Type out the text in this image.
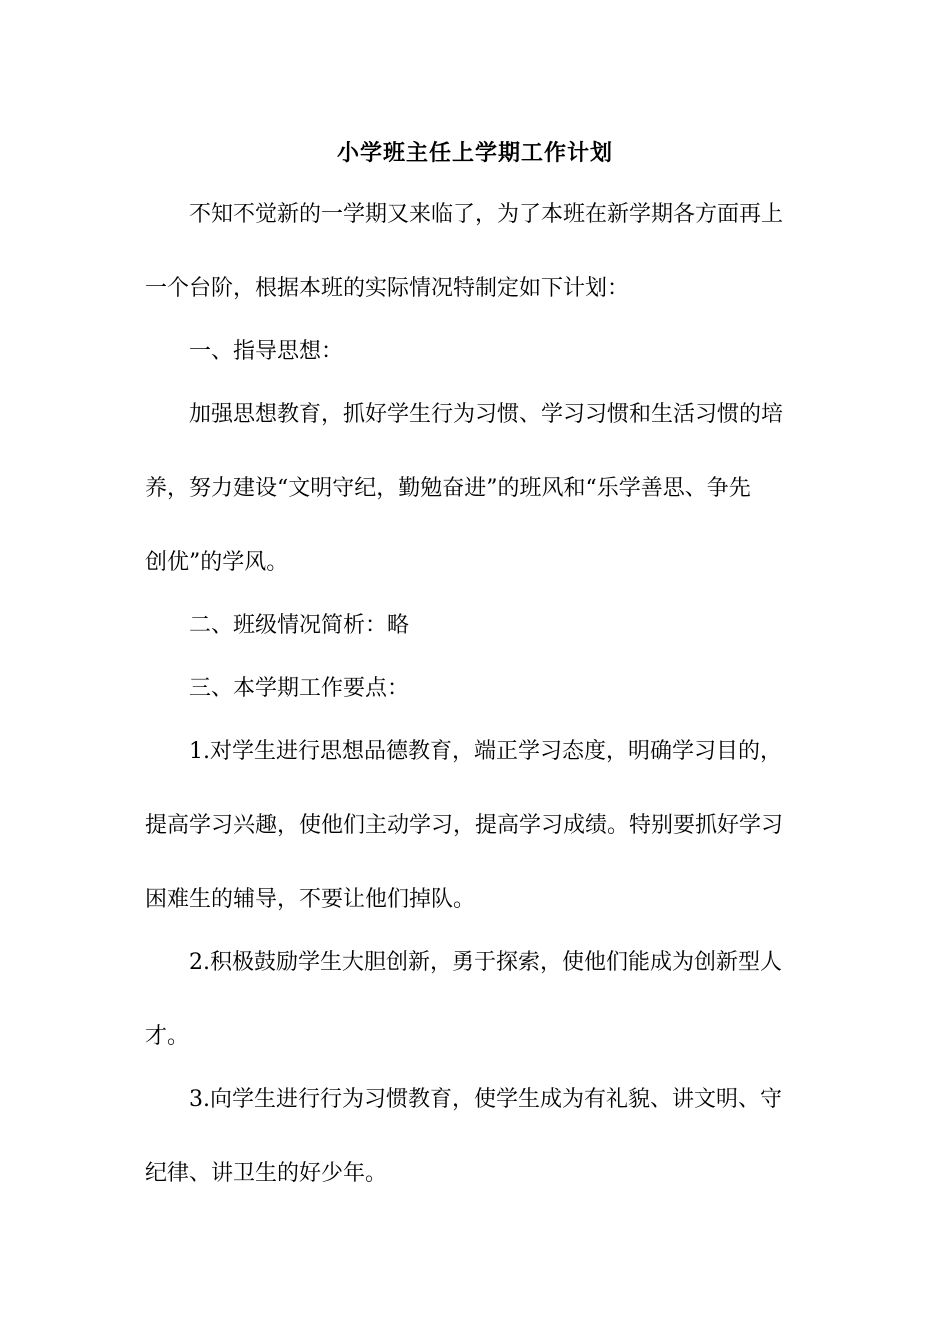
小学班主任上学期工作计划
不知不觉新的一学期又来临了，为了本班在新学期各方面再上
一个台阶，根据本班的实际情况特制定如下计划：
一、指导思想：
加强思想教育，抓好学生行为习惯、学习习惯和生活习惯的培
养，努力建设“文明守纪，勤勉奋进”的班风和“乐学善思、争先
创优”的学风。
二、班级情况简析：略
三、本学期工作要点：
1.对学生进行思想品德教育，端正学习态度，明确学习目的，
提高学习兴趣，使他们主动学习，提高学习成绩。特别要抓好学习
困难生的辅导，不要让他们掉队。
2.积极鼓励学生大胆创新，勇于探索，使他们能成为创新型人
才。
3.向学生进行行为习惯教育，使学生成为有礼貌、讲文明、守
纪律、讲卫生的好少年。
